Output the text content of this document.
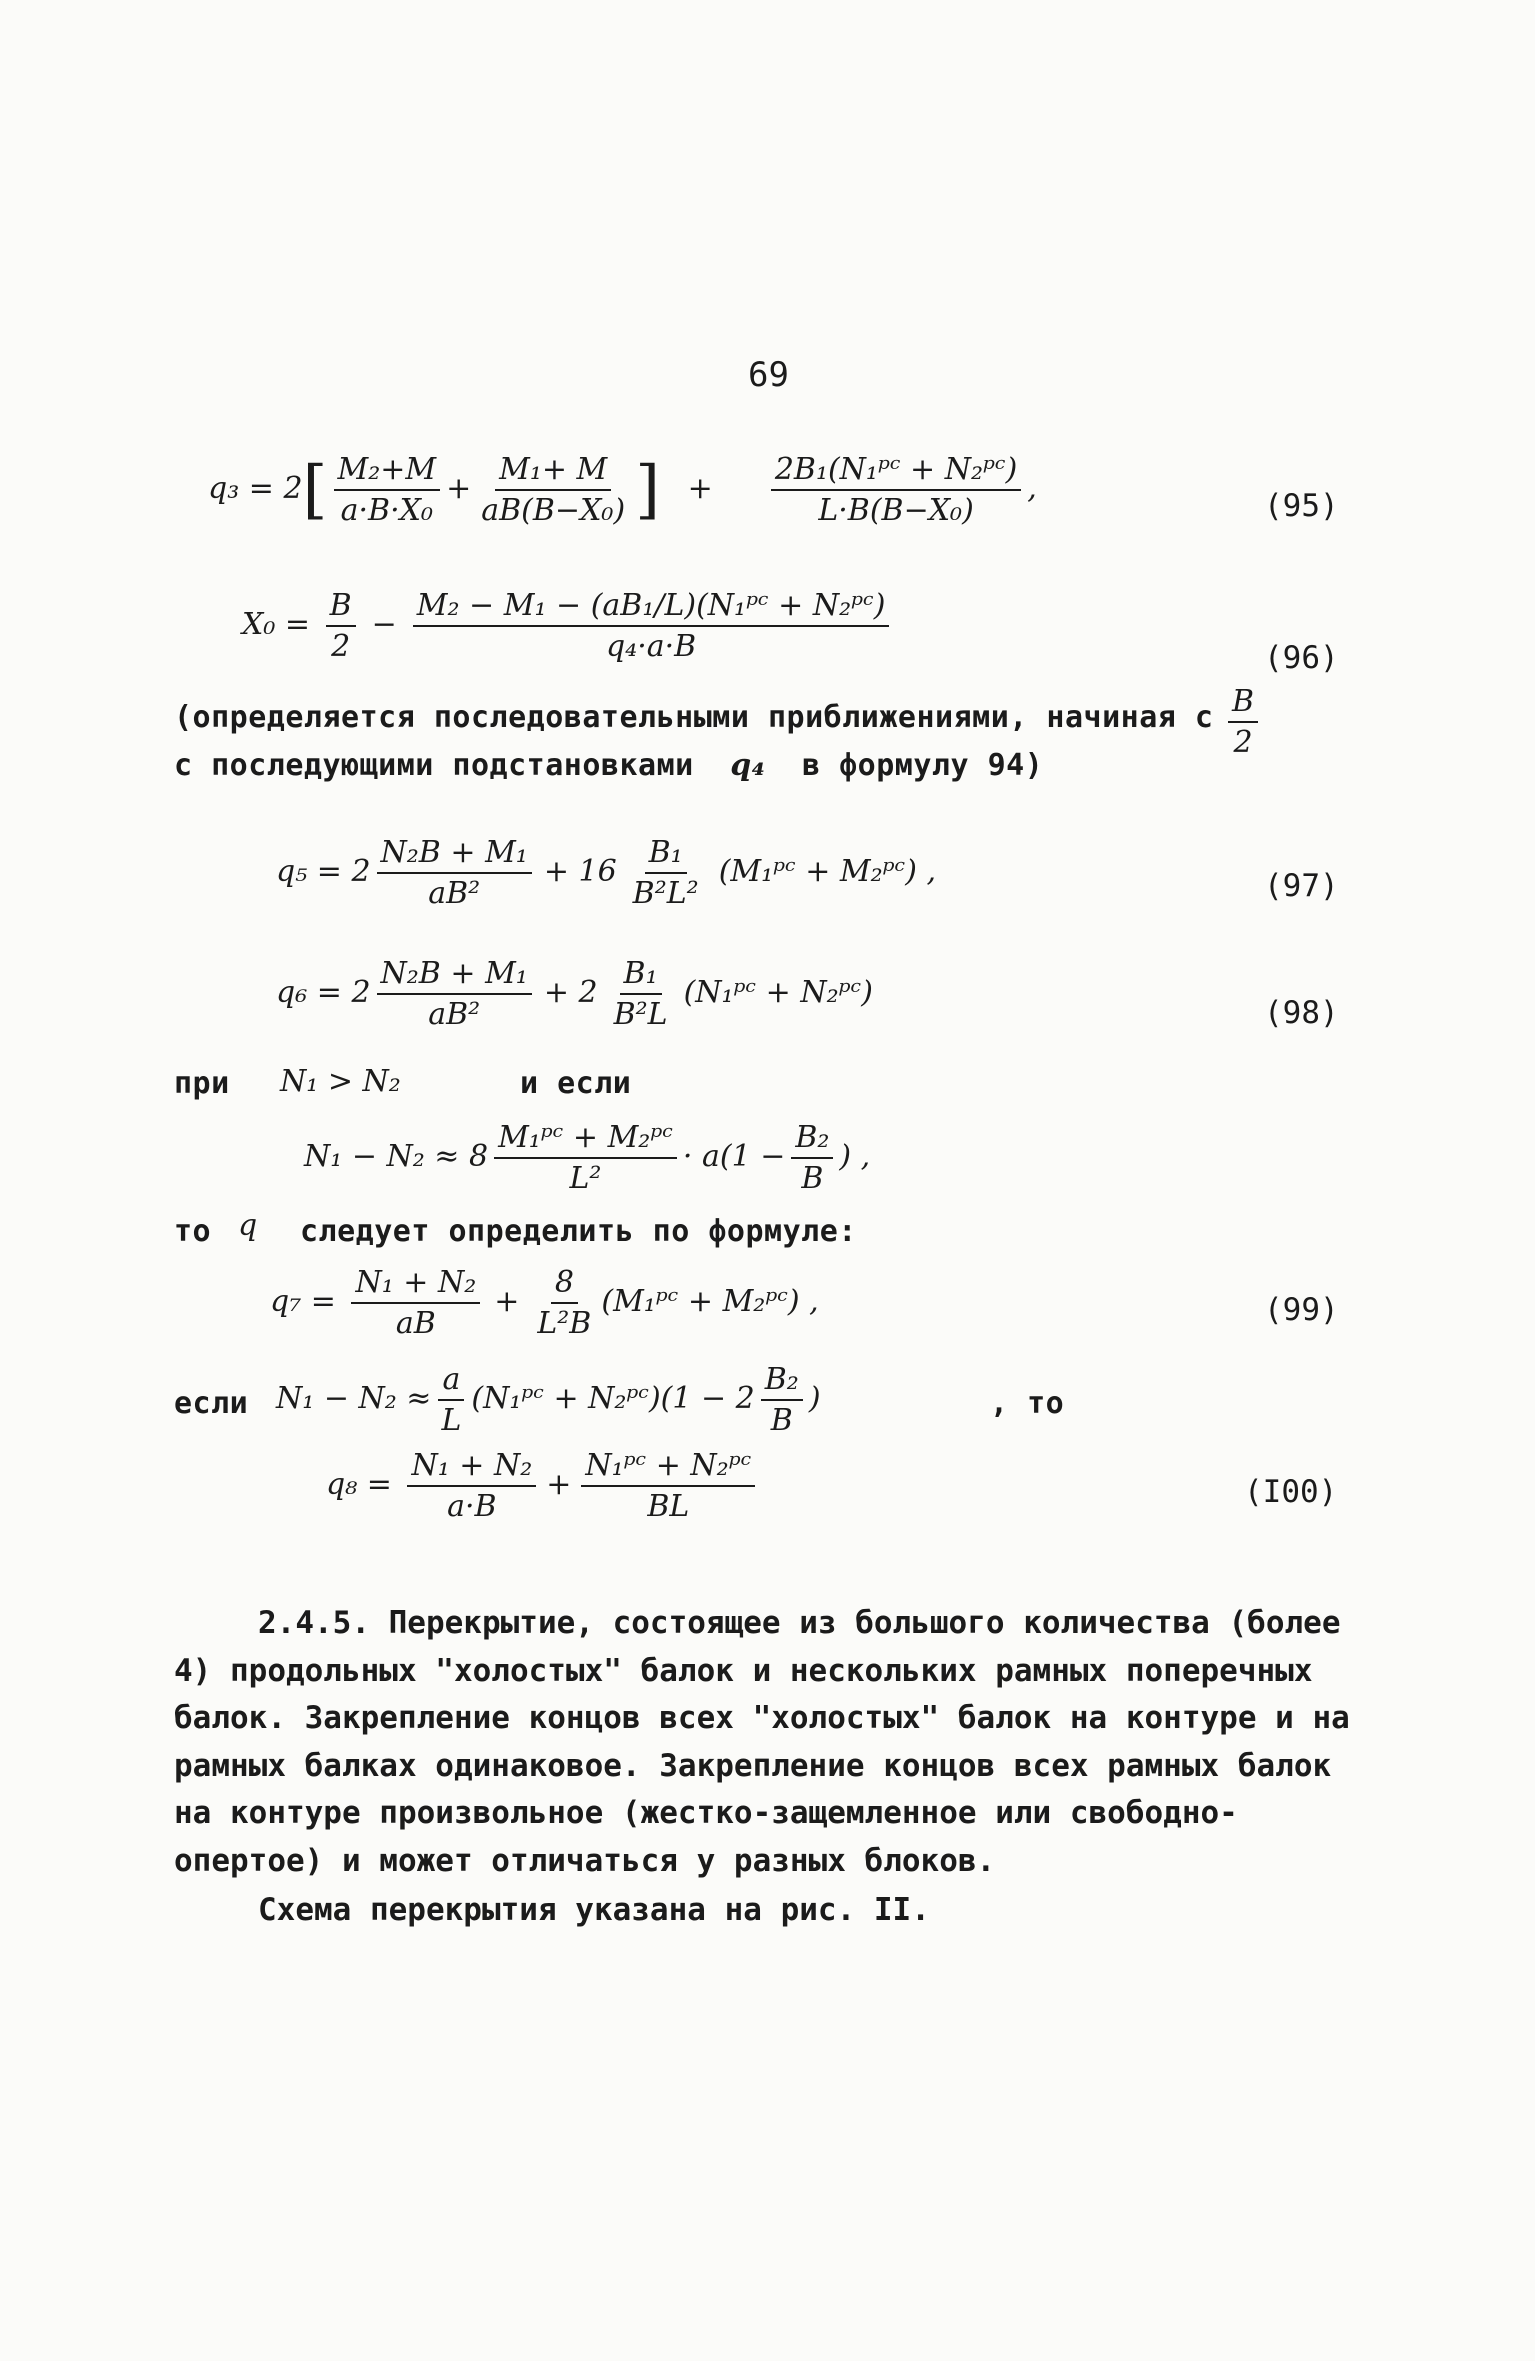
69
$q_3 = 2[ \frac{\text{M₂+M}}{\text{a·B·X₀}} + \frac{\text{M₁+ M}}{\text{aB(B−X₀)}}$ ] + $\frac{\text{2B₁(N₁ᵖᶜ + N₂ᵖᶜ)}}{\text{L·B(B−X₀)}}$ ,	(95)
$X_0 = \frac{B}{2} - \frac{\text{M₂ − M₁ − (aB₁/L)(N₁ᵖᶜ + N₂ᵖᶜ)}}{\text{q₄·a·B}}$	(96)
(определяется последовательными приближениями, начиная с $\frac{B}{2}$
с последующими подстановками q₄ в формулу 94)
$q_5 = 2 \frac{\text{N₂B + M₁}}{\text{aB²}} + 16 \frac{\text{B₁}}{\text{B²L²}}$ (M₁ᵖᶜ + M₂ᵖᶜ) ,	(97)
$q_6 = 2 \frac{\text{N₂B + M₁}}{\text{aB²}} + 2 \frac{\text{B₁}}{\text{B²L}}$ (N₁ᵖᶜ + N₂ᵖᶜ)
(98)
при N₁ > N₂	и если
$N_1 - N_2 \approx 8 \frac{\text{M₁ᵖᶜ + M₂ᵖᶜ}}{\text{L²}} \cdot a(1 - \frac{\text{B₂}}{B}$ ) ,
то q следует определить по формуле:
$q_7 = \frac{\text{N₁ + N₂}}{aB} + \frac{8}{\text{L²B}}$ (M₁ᵖᶜ + M₂ᵖᶜ) ,	(99)
если $N_1 - N_2 \approx \frac{a}{L}$ (N₁ᵖᶜ + N₂ᵖᶜ)(1 − $2 \frac{\text{B₂}}{B}$ )	, то
$q_8 = \frac{\text{N₁ + N₂}}{a\cdot B} + \frac{\text{N₁ᵖᶜ + N₂ᵖᶜ}}{BL}$	(I00)
2.4.5. Перекрытие, состоящее из большого количества (более 4) продольных "холостых" балок и нескольких рамных поперечных балок. Закрепление концов всех "холостых" балок на контуре и на рамных балках одинаковое. Закрепление концов всех рамных балок на контуре произвольное (жестко-защемленное или свободно-опертое) и может отличаться у разных блоков.
Схема перекрытия указана на рис. II.
